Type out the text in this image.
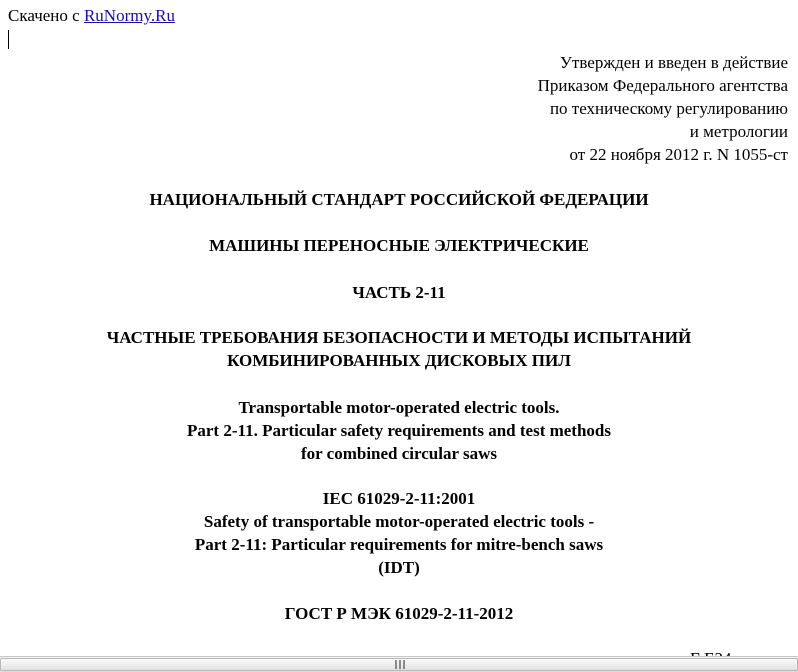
Скачено с RuNormy.Ru
Утвержден и введен в действие
Приказом Федерального агентства
по техническому регулированию
и метрологии
от 22 ноября 2012 г. N 1055-ст
НАЦИОНАЛЬНЫЙ СТАНДАРТ РОССИЙСКОЙ ФЕДЕРАЦИИ
МАШИНЫ ПЕРЕНОСНЫЕ ЭЛЕКТРИЧЕСКИЕ
ЧАСТЬ 2-11
ЧАСТНЫЕ ТРЕБОВАНИЯ БЕЗОПАСНОСТИ И МЕТОДЫ ИСПЫТАНИЙ
КОМБИНИРОВАННЫХ ДИСКОВЫХ ПИЛ
Transportable motor-operated electric tools.
Part 2-11. Particular safety requirements and test methods
for combined circular saws
IEC 61029-2-11:2001
Safety of transportable motor-operated electric tools -
Part 2-11: Particular requirements for mitre-bench saws
(IDT)
ГОСТ Р МЭК 61029-2-11-2012
